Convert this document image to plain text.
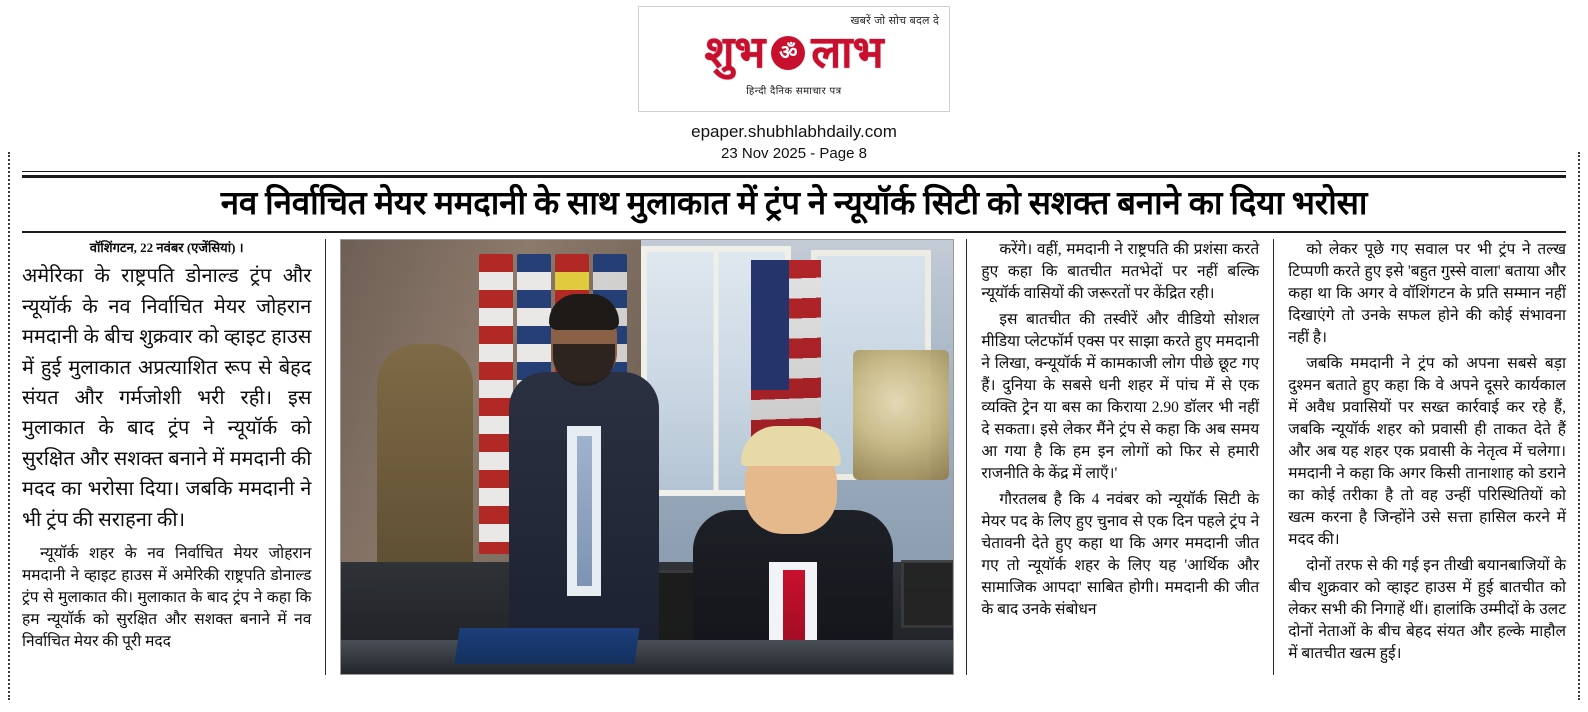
खबरें जो सोच बदल दे
शुभ ॐ लाभ
हिन्दी दैनिक समाचार पत्र
epaper.shubhlabhdaily.com
23 Nov 2025 - Page 8
नव निर्वाचित मेयर ममदानी के साथ मुलाकात में ट्रंप ने न्यूयॉर्क सिटी को सशक्त बनाने का दिया भरोसा
वॉशिंगटन, 22 नवंबर (एजेंसियां) ।

अमेरिका के राष्ट्रपति डोनाल्ड ट्रंप और न्यूयॉर्क के नव निर्वाचित मेयर जोहरान ममदानी के बीच शुक्रवार को व्हाइट हाउस में हुई मुलाकात अप्रत्याशित रूप से बेहद संयत और गर्मजोशी भरी रही। इस मुलाकात के बाद ट्रंप ने न्यूयॉर्क को सुरक्षित और सशक्त बनाने में ममदानी की मदद का भरोसा दिया। जबकि ममदानी ने भी ट्रंप की सराहना की।

न्यूयॉर्क शहर के नव निर्वाचित मेयर जोहरान ममदानी ने व्हाइट हाउस में अमेरिकी राष्ट्रपति डोनाल्ड ट्रंप से मुलाकात की। मुलाकात के बाद ट्रंप ने कहा कि हम न्यूयॉर्क को सुरक्षित और सशक्त बनाने में नव निर्वाचित मेयर की पूरी मदद

करेंगे। वहीं, ममदानी ने राष्ट्रपति की प्रशंसा करते हुए कहा कि बातचीत मतभेदों पर नहीं बल्कि न्यूयॉर्क वासियों की जरूरतों पर केंद्रित रही।

इस बातचीत की तस्वीरें और वीडियो सोशल मीडिया प्लेटफॉर्म एक्स पर साझा करते हुए ममदानी ने लिखा, क्न्यूयॉर्क में कामकाजी लोग पीछे छूट गए हैं। दुनिया के सबसे धनी शहर में पांच में से एक व्यक्ति ट्रेन या बस का किराया 2.90 डॉलर भी नहीं दे सकता। इसे लेकर मैंने ट्रंप से कहा कि अब समय आ गया है कि हम इन लोगों को फिर से हमारी राजनीति के केंद्र में लाएँ।'

गौरतलब है कि 4 नवंबर को न्यूयॉर्क सिटी के मेयर पद के लिए हुए चुनाव से एक दिन पहले ट्रंप ने चेतावनी देते हुए कहा था कि अगर ममदानी जीत गए तो न्यूयॉर्क शहर के लिए यह 'आर्थिक और सामाजिक आपदा' साबित होगी। ममदानी की जीत के बाद उनके संबोधन

को लेकर पूछे गए सवाल पर भी ट्रंप ने तल्ख टिप्पणी करते हुए इसे 'बहुत गुस्से वाला' बताया और कहा था कि अगर वे वॉशिंगटन के प्रति सम्मान नहीं दिखाएंगे तो उनके सफल होने की कोई संभावना नहीं है।

जबकि ममदानी ने ट्रंप को अपना सबसे बड़ा दुश्मन बताते हुए कहा कि वे अपने दूसरे कार्यकाल में अवैध प्रवासियों पर सख्त कार्रवाई कर रहे हैं, जबकि न्यूयॉर्क शहर को प्रवासी ही ताकत देते हैं और अब यह शहर एक प्रवासी के नेतृत्व में चलेगा। ममदानी ने कहा कि अगर किसी तानाशाह को डराने का कोई तरीका है तो वह उन्हीं परिस्थितियों को खत्म करना है जिन्होंने उसे सत्ता हासिल करने में मदद की।

दोनों तरफ से की गई इन तीखी बयानबाजियों के बीच शुक्रवार को व्हाइट हाउस में हुई बातचीत को लेकर सभी की निगाहें थीं। हालांकि उम्मीदों के उलट दोनों नेताओं के बीच बेहद संयत और हल्के माहौल में बातचीत खत्म हुई।
